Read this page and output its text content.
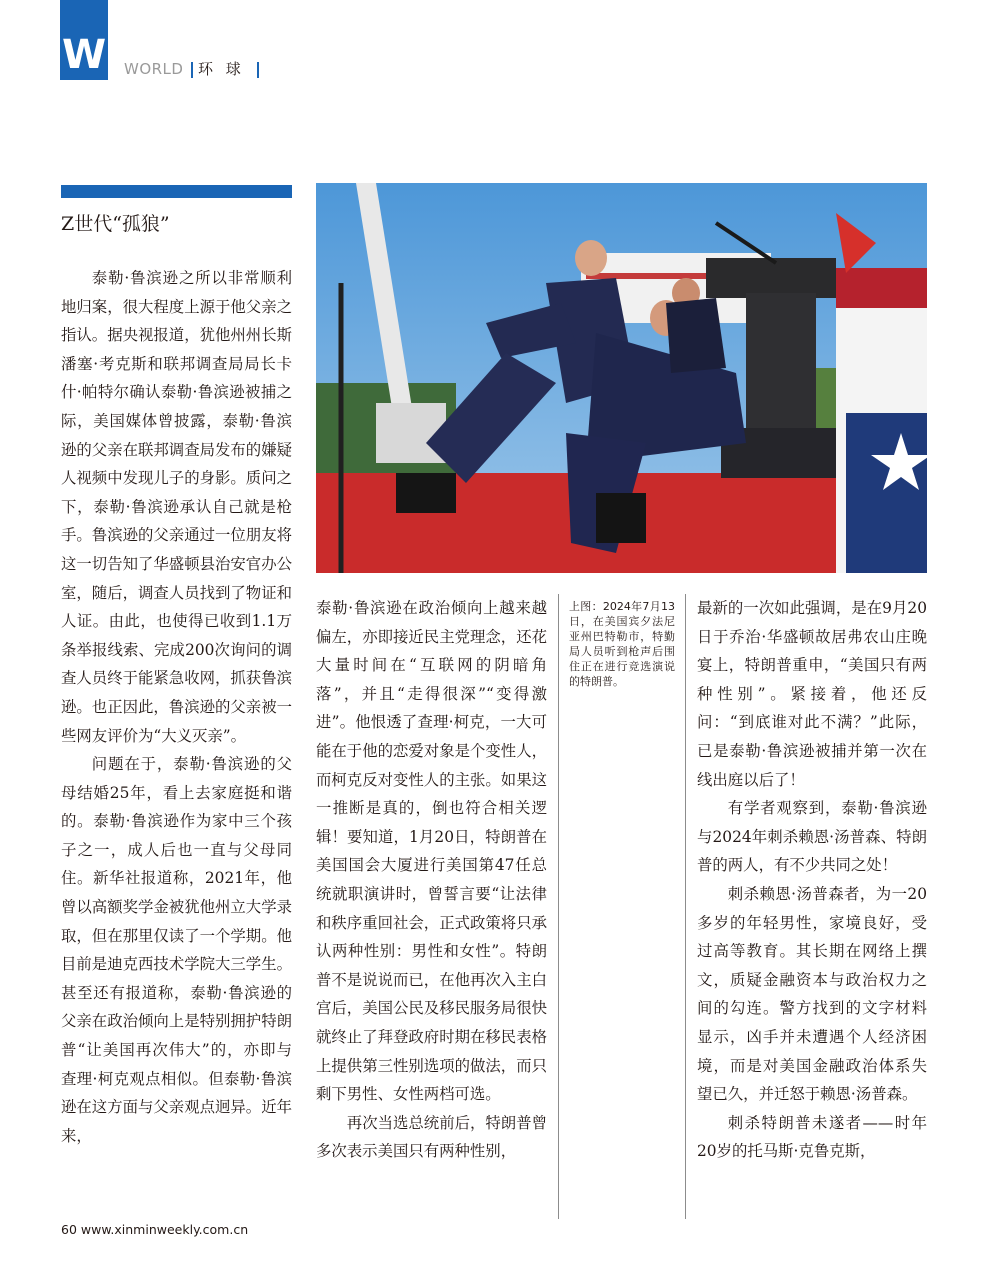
W WORLD 环 球
Z世代“孤狼”

泰勒·鲁滨逊之所以非常顺利地归案，很大程度上源于他父亲之指认。据央视报道，犹他州州长斯潘塞·考克斯和联邦调查局局长卡什·帕特尔确认泰勒·鲁滨逊被捕之际，美国媒体曾披露，泰勒·鲁滨逊的父亲在联邦调查局发布的嫌疑人视频中发现儿子的身影。质问之下，泰勒·鲁滨逊承认自己就是枪手。鲁滨逊的父亲通过一位朋友将这一切告知了华盛顿县治安官办公室，随后，调查人员找到了物证和人证。由此，也使得已收到1.1万条举报线索、完成200次询问的调查人员终于能紧急收网，抓获鲁滨逊。也正因此，鲁滨逊的父亲被一些网友评价为“大义灭亲”。

问题在于，泰勒·鲁滨逊的父母结婚25年，看上去家庭挺和谐的。泰勒·鲁滨逊作为家中三个孩子之一，成人后也一直与父母同住。新华社报道称，2021年，他曾以高额奖学金被犹他州立大学录取，但在那里仅读了一个学期。他目前是迪克西技术学院大三学生。甚至还有报道称，泰勒·鲁滨逊的父亲在政治倾向上是特别拥护特朗普“让美国再次伟大”的，亦即与查理·柯克观点相似。但泰勒·鲁滨逊在这方面与父亲观点迥异。近年来，

泰勒·鲁滨逊在政治倾向上越来越偏左，亦即接近民主党理念，还花大量时间在“互联网的阴暗角落”，并且“走得很深”“变得激进”。他恨透了查理·柯克，一大可能在于他的恋爱对象是个变性人，而柯克反对变性人的主张。如果这一推断是真的，倒也符合相关逻辑！要知道，1月20日，特朗普在美国国会大厦进行美国第47任总统就职演讲时，曾誓言要“让法律和秩序重回社会，正式政策将只承认两种性别：男性和女性”。特朗普不是说说而已，在他再次入主白宫后，美国公民及移民服务局很快就终止了拜登政府时期在移民表格上提供第三性别选项的做法，而只剩下男性、女性两档可选。

再次当选总统前后，特朗普曾多次表示美国只有两种性别，

上图：2024年7月13日，在美国宾夕法尼亚州巴特勒市，特勤局人员听到枪声后围住正在进行竞选演说的特朗普。

最新的一次如此强调，是在9月20日于乔治·华盛顿故居弗农山庄晚宴上，特朗普重申，“美国只有两种性别”。紧接着，他还反问：“到底谁对此不满？”此际，已是泰勒·鲁滨逊被捕并第一次在线出庭以后了！

有学者观察到，泰勒·鲁滨逊与2024年刺杀赖恩·汤普森、特朗普的两人，有不少共同之处！

刺杀赖恩·汤普森者，为一20多岁的年轻男性，家境良好，受过高等教育。其长期在网络上撰文，质疑金融资本与政治权力之间的勾连。警方找到的文字材料显示，凶手并未遭遇个人经济困境，而是对美国金融政治体系失望已久，并迁怒于赖恩·汤普森。

刺杀特朗普未遂者——时年20岁的托马斯·克鲁克斯，

60 www.xinminweekly.com.cn
